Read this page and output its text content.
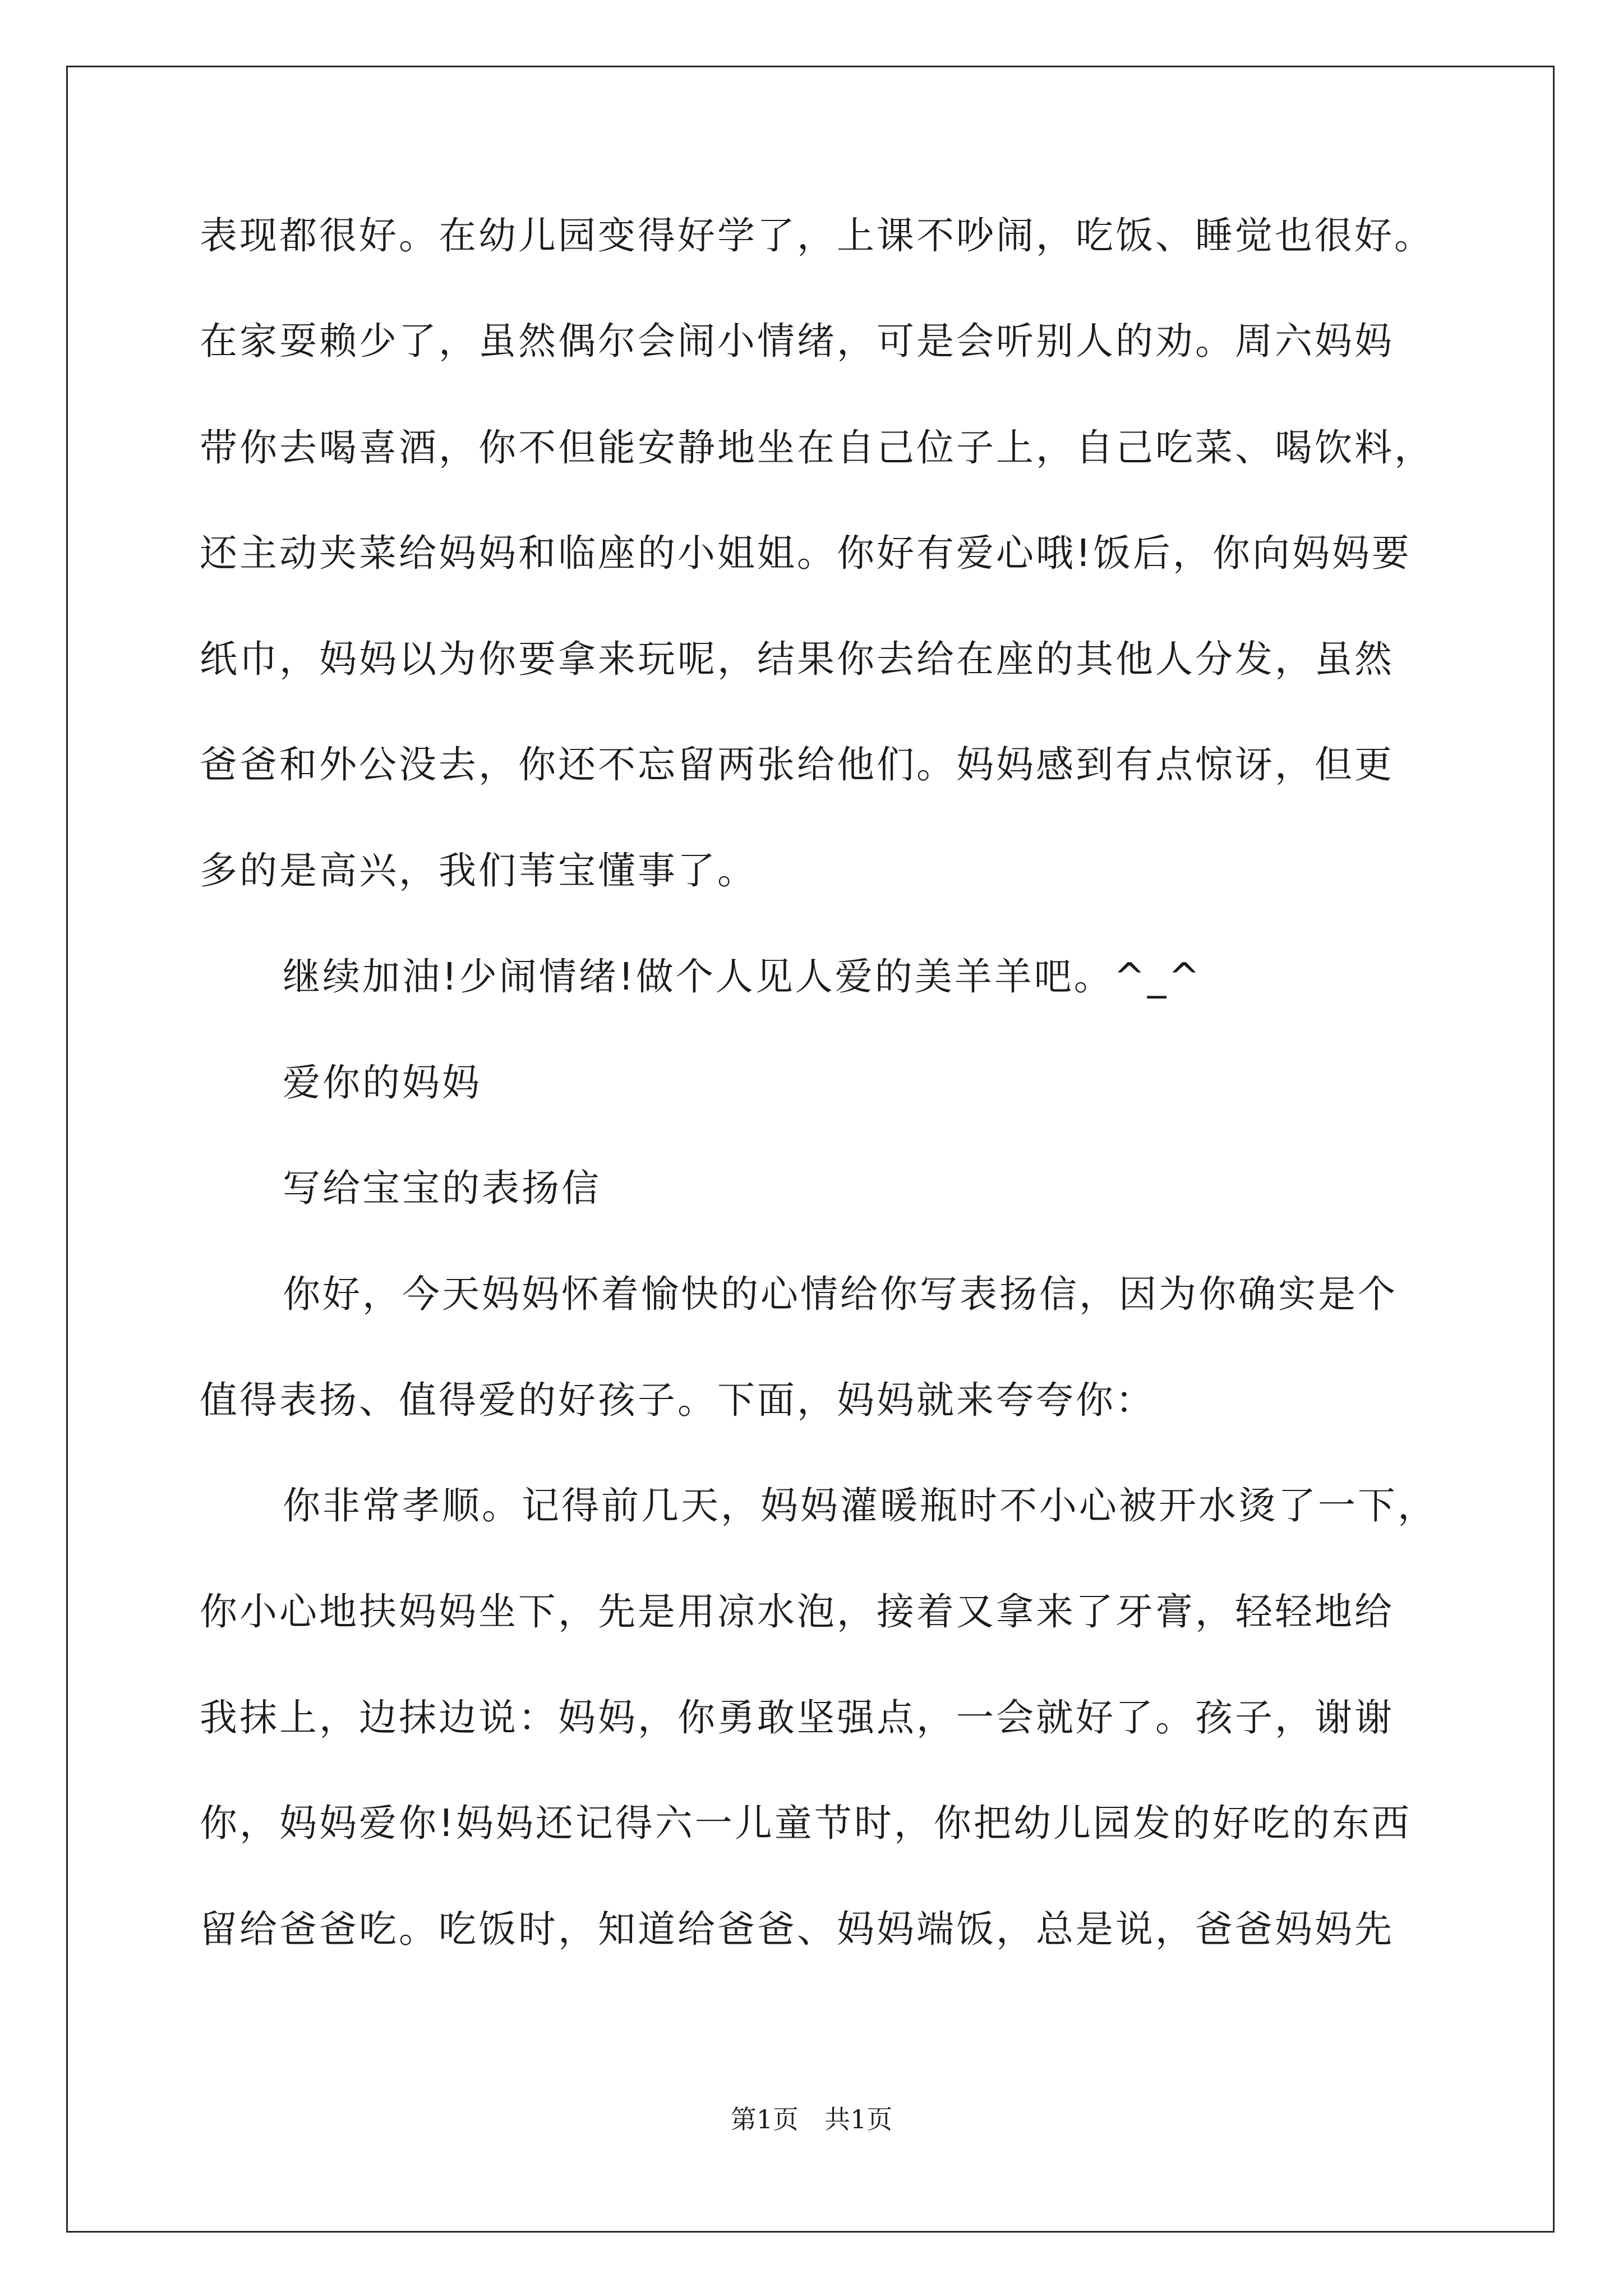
表现都很好。在幼儿园变得好学了，上课不吵闹，吃饭、睡觉也很好。
在家耍赖少了，虽然偶尔会闹小情绪，可是会听别人的劝。周六妈妈
带你去喝喜酒，你不但能安静地坐在自己位子上，自己吃菜、喝饮料，
还主动夹菜给妈妈和临座的小姐姐。你好有爱心哦!饭后，你向妈妈要
纸巾，妈妈以为你要拿来玩呢，结果你去给在座的其他人分发，虽然
爸爸和外公没去，你还不忘留两张给他们。妈妈感到有点惊讶，但更
多的是高兴，我们苇宝懂事了。
继续加油!少闹情绪!做个人见人爱的美羊羊吧。^_^
爱你的妈妈
写给宝宝的表扬信
你好，今天妈妈怀着愉快的心情给你写表扬信，因为你确实是个
值得表扬、值得爱的好孩子。下面，妈妈就来夸夸你：
你非常孝顺。记得前几天，妈妈灌暖瓶时不小心被开水烫了一下，
你小心地扶妈妈坐下，先是用凉水泡，接着又拿来了牙膏，轻轻地给
我抹上，边抹边说：妈妈，你勇敢坚强点，一会就好了。孩子，谢谢
你，妈妈爱你!妈妈还记得六一儿童节时，你把幼儿园发的好吃的东西
留给爸爸吃。吃饭时，知道给爸爸、妈妈端饭，总是说，爸爸妈妈先
第1页　共1页
